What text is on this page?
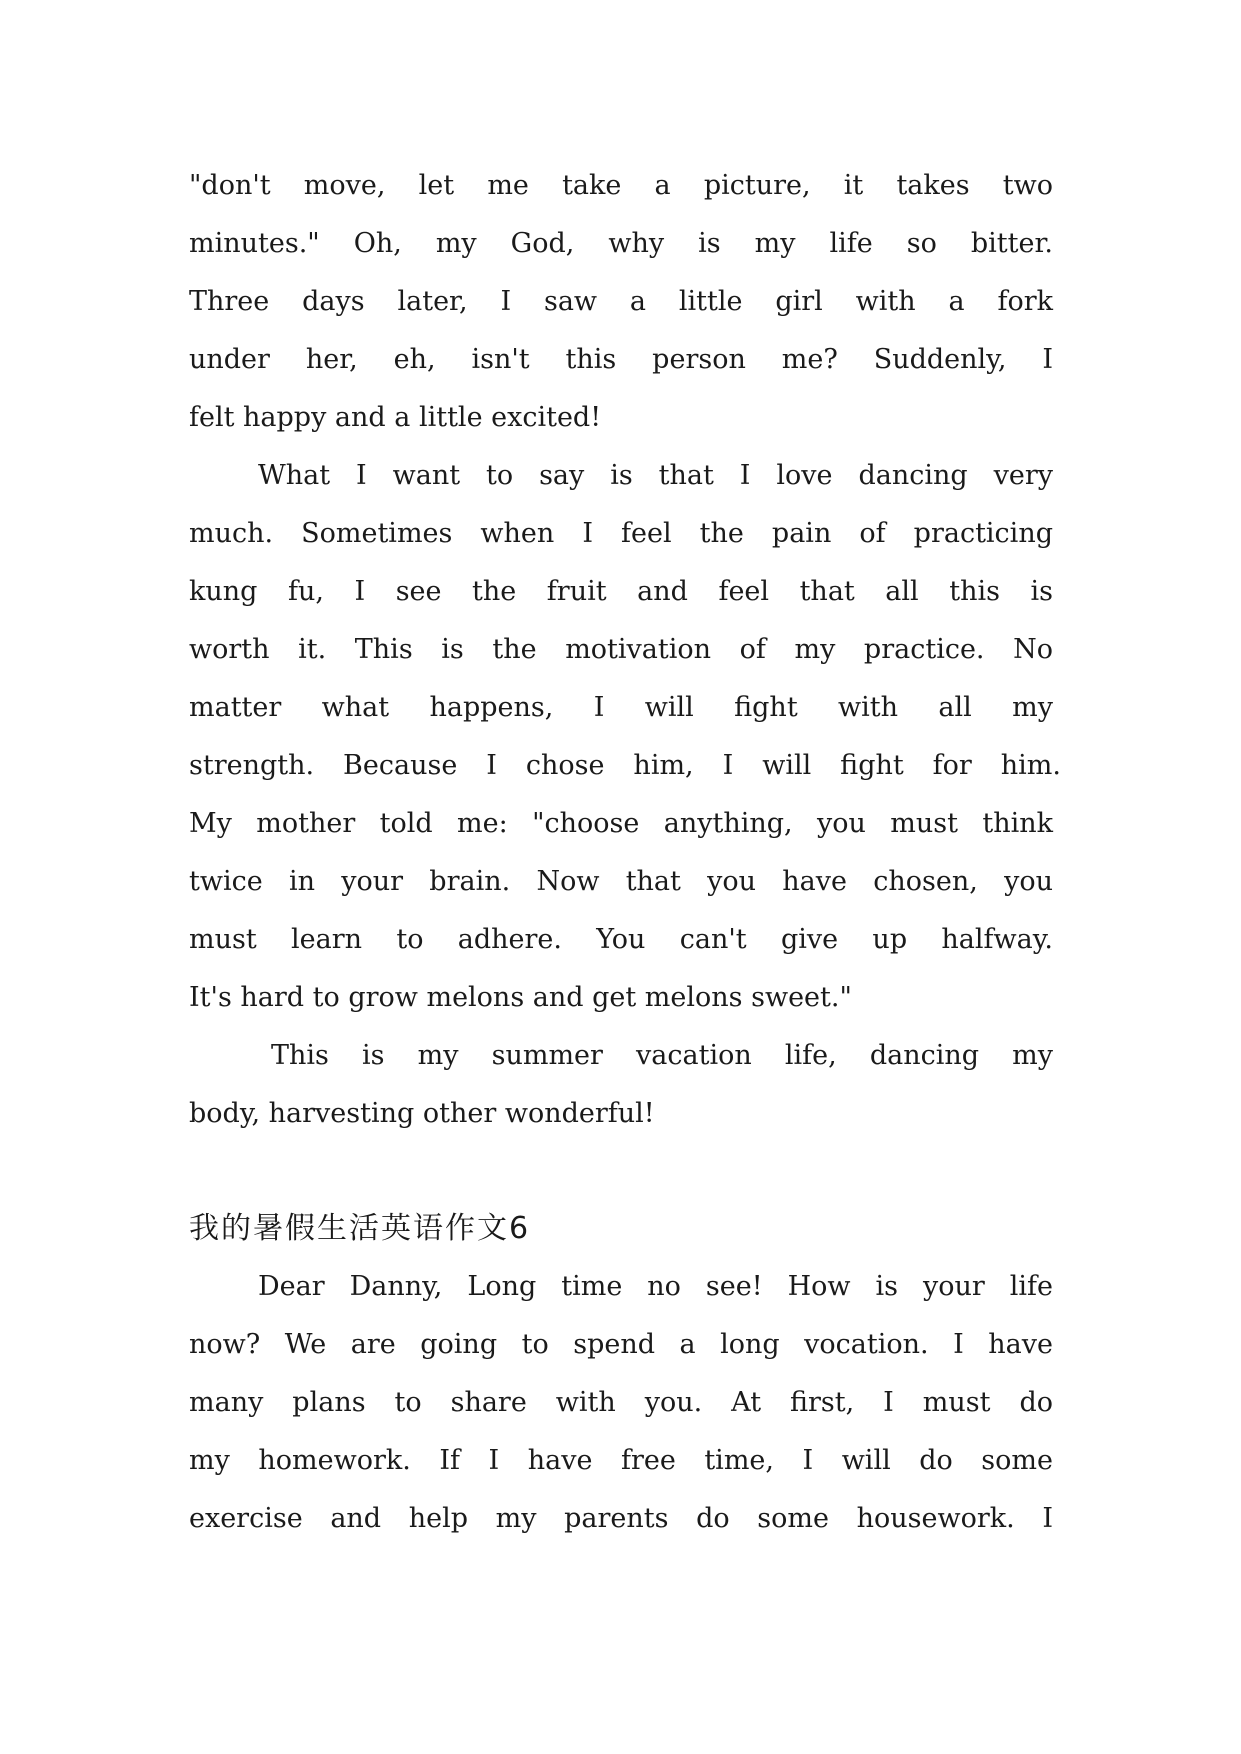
"don't move, let me take a picture, it takes two
minutes." Oh, my God, why is my life so bitter.
Three days later, I saw a little girl with a fork
under her, eh, isn't this person me? Suddenly, I
felt happy and a little excited!
What I want to say is that I love dancing very
much. Sometimes when I feel the pain of practicing
kung fu, I see the fruit and feel that all this is
worth it. This is the motivation of my practice. No
matter what happens, I will fight with all my
strength. Because I chose him, I will fight for him.
My mother told me: "choose anything, you must think
twice in your brain. Now that you have chosen, you
must learn to adhere. You can't give up halfway.
It's hard to grow melons and get melons sweet."
This is my summer vacation life, dancing my
body, harvesting other wonderful!
我的暑假生活英语作文6
Dear Danny, Long time no see! How is your life
now? We are going to spend a long vocation. I have
many plans to share with you. At first, I must do
my homework. If I have free time, I will do some
exercise and help my parents do some housework. I
